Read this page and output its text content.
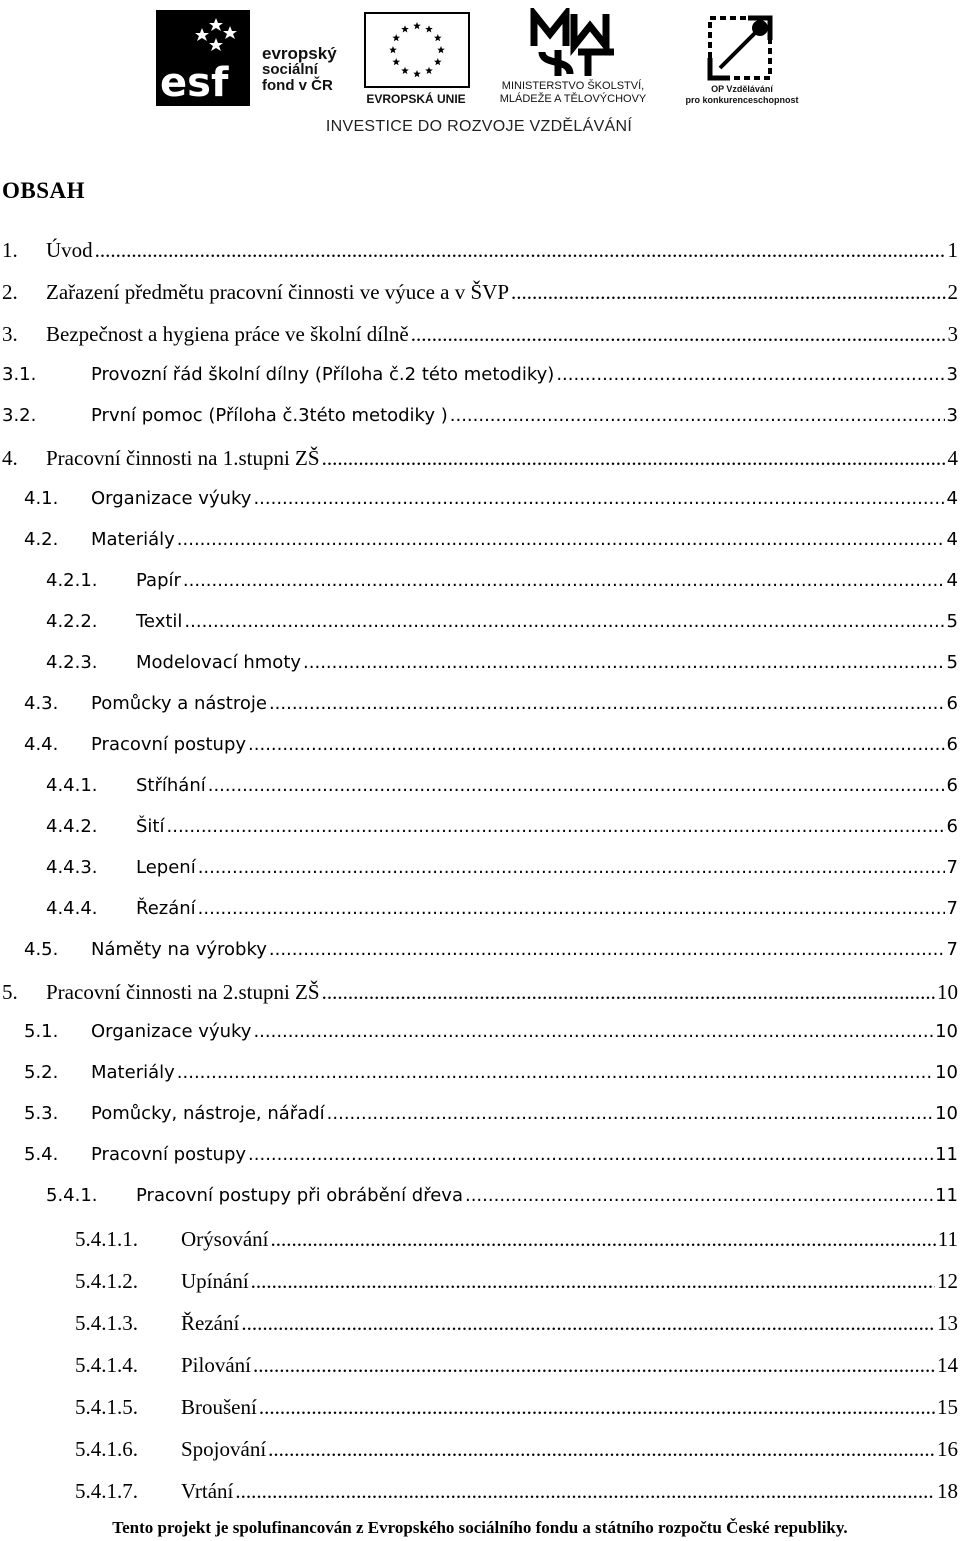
esf
evropský
sociální
fond v ČR
EVROPSKÁ UNIE
MINISTERSTVO ŠKOLSTVÍ,
MLÁDEŽE A TĚLOVÝCHOVY
OP Vzdělávání
pro konkurenceschopnost
INVESTICE DO ROZVOJE VZDĚLÁVÁNÍ
OBSAH
1.	Úvod .....	1
2.	Zařazení předmětu pracovní činnosti ve výuce a v ŠVP .....	2
3.	Bezpečnost a hygiena práce ve školní dílně .....	3
3.1.	Provozní řád školní dílny (Příloha č.2 této metodiky) .....	3
3.2.	První pomoc (Příloha č.3této metodiky ) .....	3
4.	Pracovní činnosti na 1.stupni ZŠ .....	4
4.1.	Organizace výuky .....	4
4.2.	Materiály .....	4
4.2.1.	Papír .....	4
4.2.2.	Textil .....	5
4.2.3.	Modelovací hmoty .....	5
4.3.	Pomůcky a nástroje .....	6
4.4.	Pracovní postupy .....	6
4.4.1.	Stříhání .....	6
4.4.2.	Šití .....	6
4.4.3.	Lepení .....	7
4.4.4.	Řezání .....	7
4.5.	Náměty na výrobky .....	7
5.	Pracovní činnosti na 2.stupni ZŠ .....	10
5.1.	Organizace výuky .....	10
5.2.	Materiály .....	10
5.3.	Pomůcky, nástroje, nářadí .....	10
5.4.	Pracovní postupy .....	11
5.4.1.	Pracovní postupy při obrábění dřeva .....	11
5.4.1.1.	Orýsování .....	11
5.4.1.2.	Upínání .....	12
5.4.1.3.	Řezání .....	13
5.4.1.4.	Pilování .....	14
5.4.1.5.	Broušení .....	15
5.4.1.6.	Spojování .....	16
5.4.1.7.	Vrtání .....	18
Tento projekt je spolufinancován z Evropského sociálního fondu a státního rozpočtu České republiky.
